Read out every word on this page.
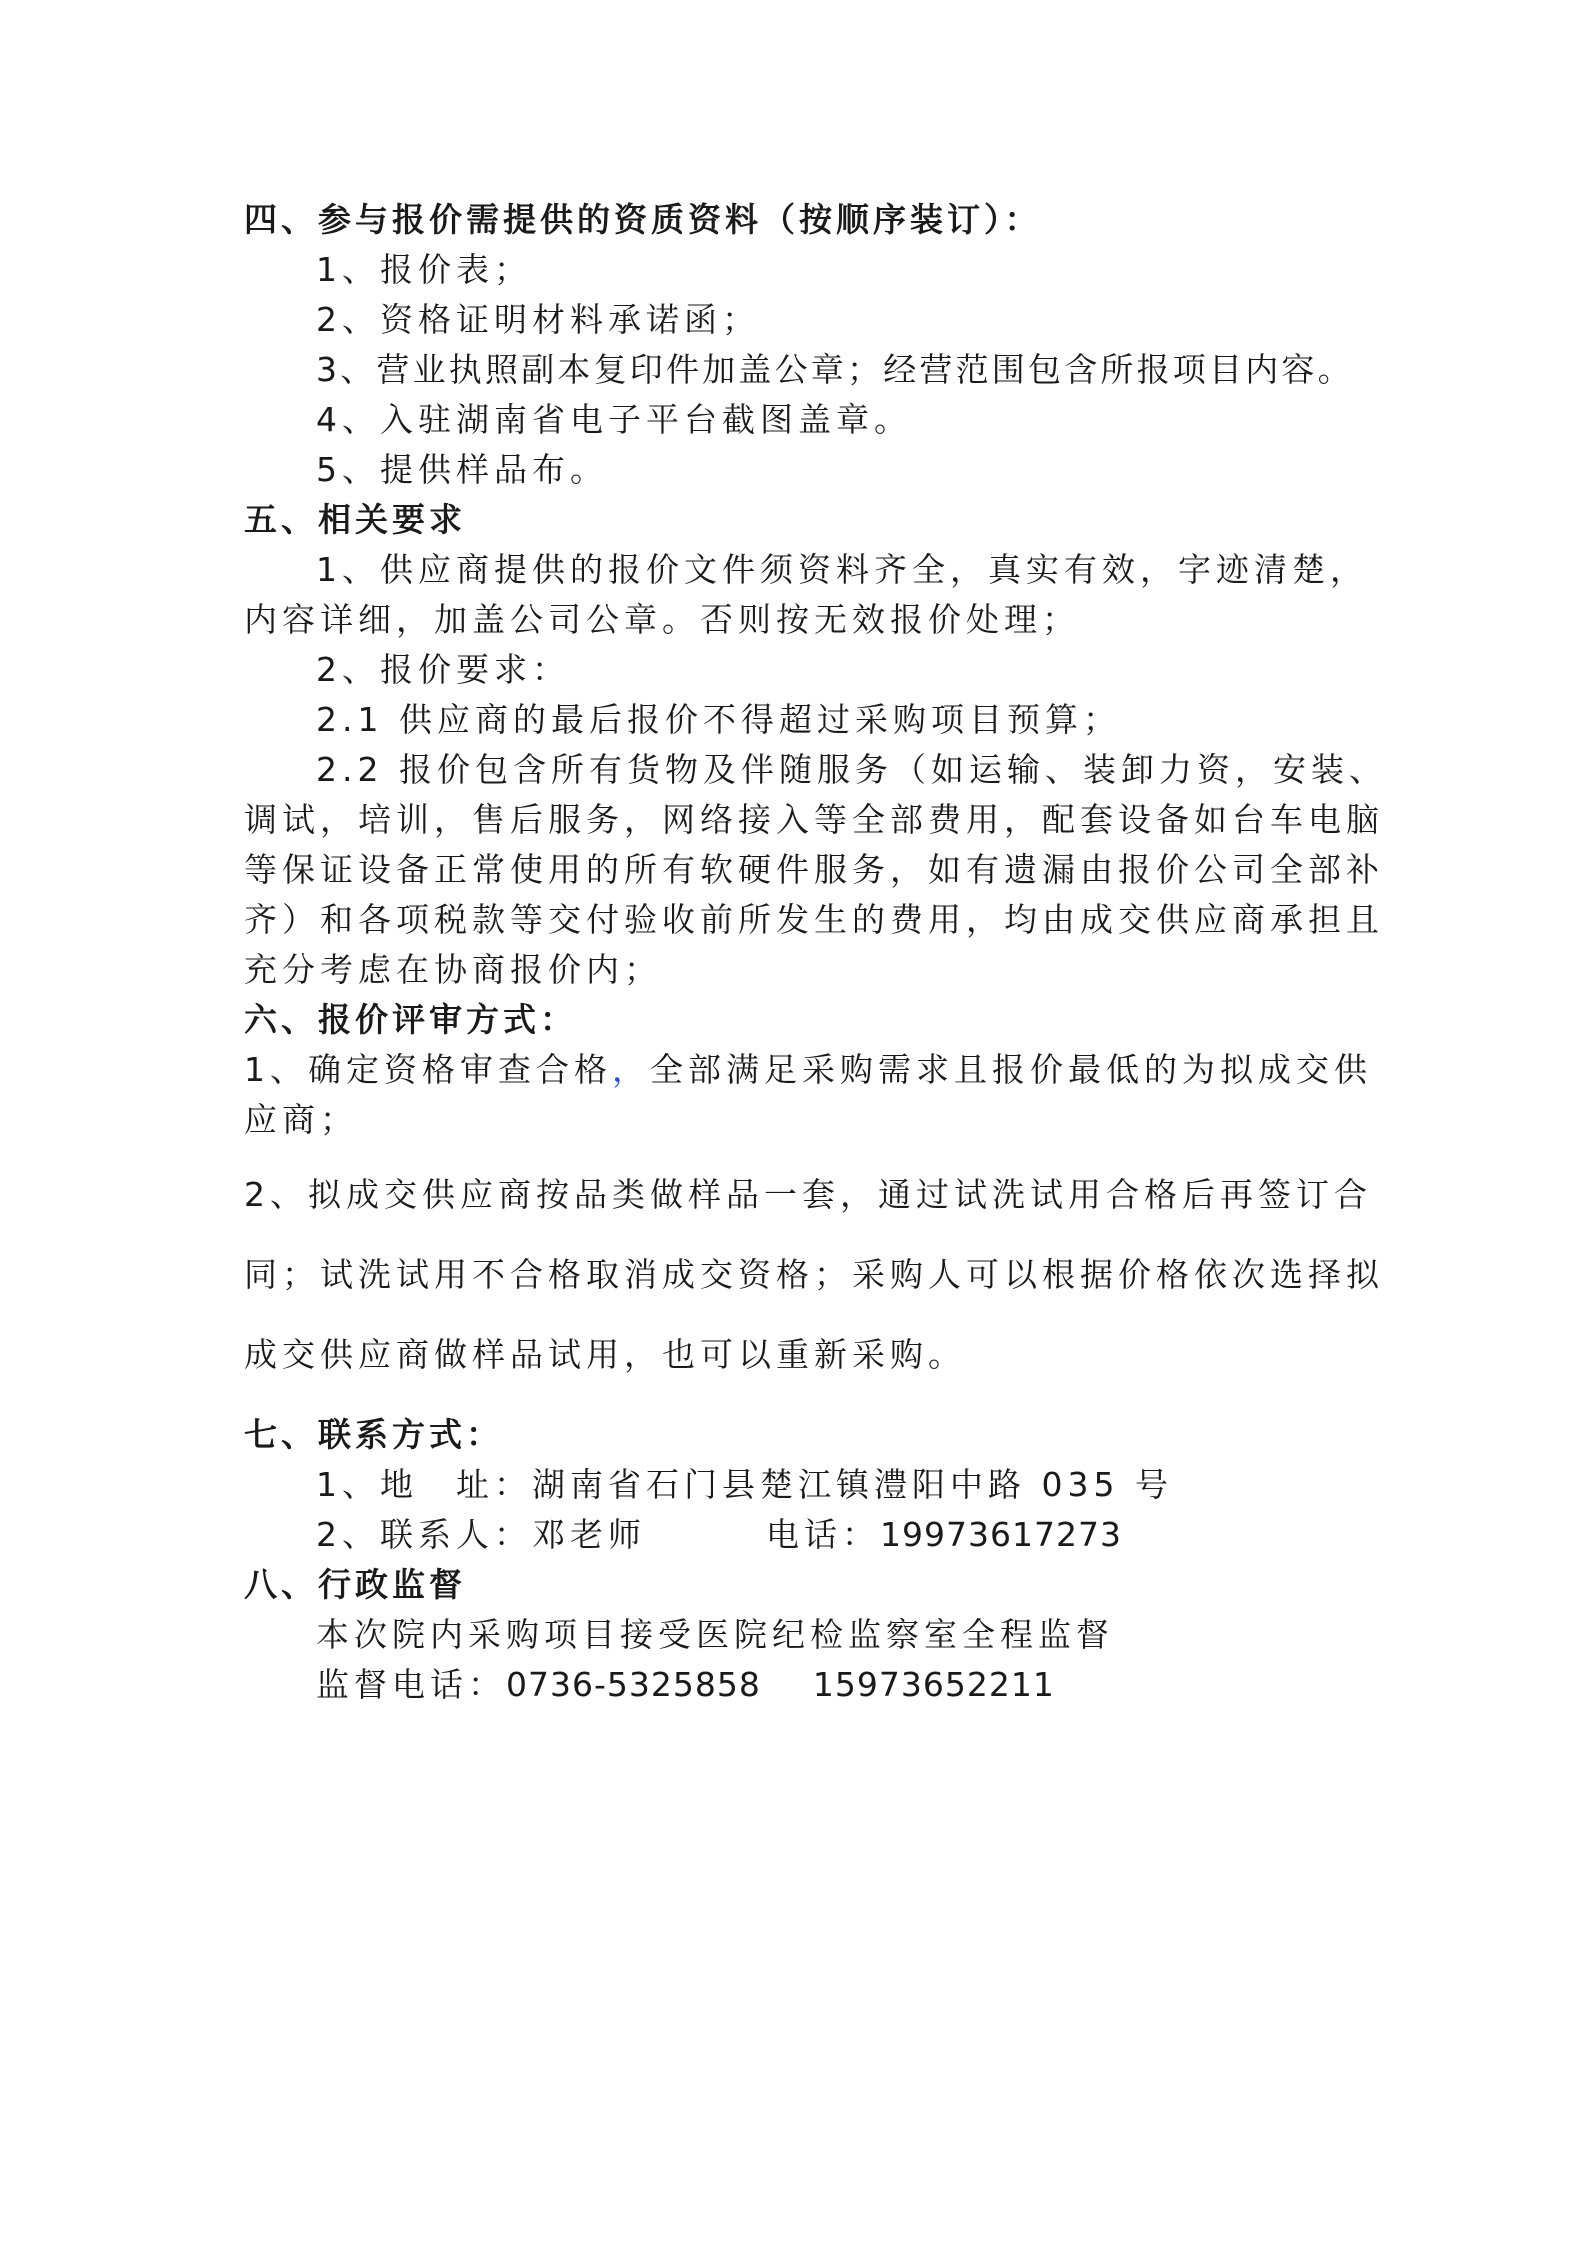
四、参与报价需提供的资质资料（按顺序装订）：
1、报价表；
2、资格证明材料承诺函；
3、营业执照副本复印件加盖公章；经营范围包含所报项目内容。
4、入驻湖南省电子平台截图盖章。
5、提供样品布。
五、相关要求
1、供应商提供的报价文件须资料齐全，真实有效，字迹清楚，
内容详细，加盖公司公章。否则按无效报价处理；
2、报价要求：
2.1 供应商的最后报价不得超过采购项目预算；
2.2 报价包含所有货物及伴随服务（如运输、装卸力资，安装、
调试，培训，售后服务，网络接入等全部费用，配套设备如台车电脑
等保证设备正常使用的所有软硬件服务，如有遗漏由报价公司全部补
齐）和各项税款等交付验收前所发生的费用，均由成交供应商承担且
充分考虑在协商报价内；
六、报价评审方式：
1、确定资格审查合格，全部满足采购需求且报价最低的为拟成交供
应商；
2、拟成交供应商按品类做样品一套，通过试洗试用合格后再签订合
同；试洗试用不合格取消成交资格；采购人可以根据价格依次选择拟
成交供应商做样品试用，也可以重新采购。
七、联系方式：
1、地　址：湖南省石门县楚江镇澧阳中路 035 号
2、联系人：邓老师	电话：19973617273
八、行政监督
本次院内采购项目接受医院纪检监察室全程监督
监督电话：0736-5325858 15973652211
